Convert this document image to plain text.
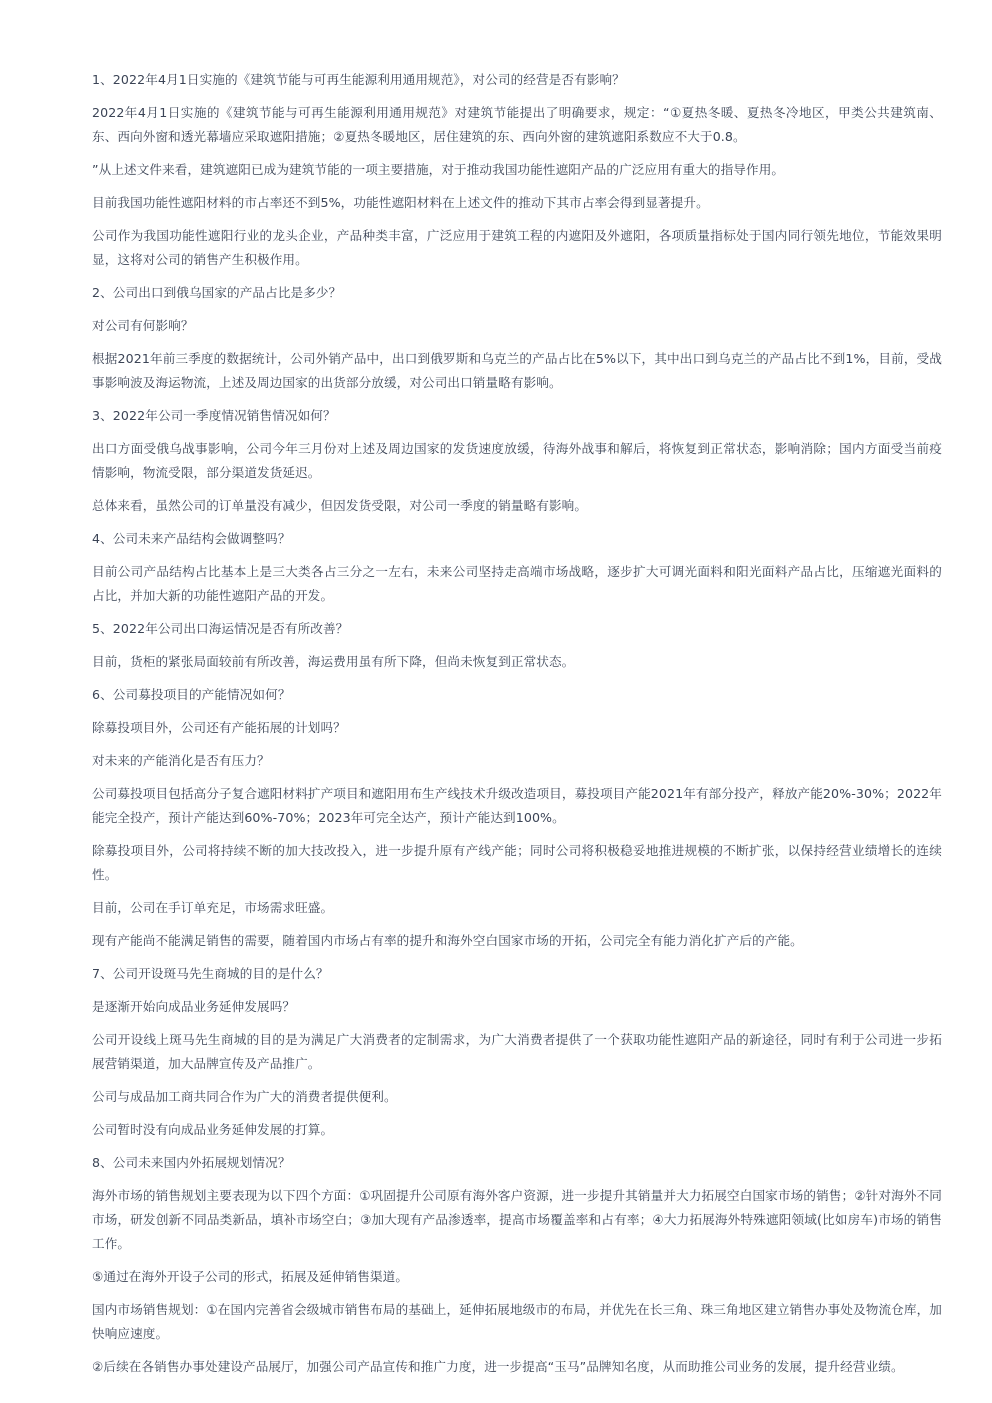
1、2022年4月1日实施的《建筑节能与可再生能源利用通用规范》，对公司的经营是否有影响？

2022年4月1日实施的《建筑节能与可再生能源利用通用规范》对建筑节能提出了明确要求，规定：“①夏热冬暖、夏热冬冷地区，甲类公共建筑南、东、西向外窗和透光幕墙应采取遮阳措施；②夏热冬暖地区，居住建筑的东、西向外窗的建筑遮阳系数应不大于0.8。

”从上述文件来看，建筑遮阳已成为建筑节能的一项主要措施，对于推动我国功能性遮阳产品的广泛应用有重大的指导作用。

目前我国功能性遮阳材料的市占率还不到5%，功能性遮阳材料在上述文件的推动下其市占率会得到显著提升。

公司作为我国功能性遮阳行业的龙头企业，产品种类丰富，广泛应用于建筑工程的内遮阳及外遮阳，各项质量指标处于国内同行领先地位，节能效果明显，这将对公司的销售产生积极作用。

2、公司出口到俄乌国家的产品占比是多少？

对公司有何影响？

根据2021年前三季度的数据统计，公司外销产品中，出口到俄罗斯和乌克兰的产品占比在5%以下，其中出口到乌克兰的产品占比不到1%，目前，受战事影响波及海运物流，上述及周边国家的出货部分放缓，对公司出口销量略有影响。

3、2022年公司一季度情况销售情况如何？

出口方面受俄乌战事影响，公司今年三月份对上述及周边国家的发货速度放缓，待海外战事和解后，将恢复到正常状态，影响消除；国内方面受当前疫情影响，物流受限，部分渠道发货延迟。

总体来看，虽然公司的订单量没有减少，但因发货受限，对公司一季度的销量略有影响。

4、公司未来产品结构会做调整吗？

目前公司产品结构占比基本上是三大类各占三分之一左右，未来公司坚持走高端市场战略，逐步扩大可调光面料和阳光面料产品占比，压缩遮光面料的占比，并加大新的功能性遮阳产品的开发。

5、2022年公司出口海运情况是否有所改善？

目前，货柜的紧张局面较前有所改善，海运费用虽有所下降，但尚未恢复到正常状态。

6、公司募投项目的产能情况如何？

除募投项目外，公司还有产能拓展的计划吗？

对未来的产能消化是否有压力？

公司募投项目包括高分子复合遮阳材料扩产项目和遮阳用布生产线技术升级改造项目，募投项目产能2021年有部分投产，释放产能20%-30%；2022年能完全投产，预计产能达到60%-70%；2023年可完全达产，预计产能达到100%。

除募投项目外，公司将持续不断的加大技改投入，进一步提升原有产线产能；同时公司将积极稳妥地推进规模的不断扩张，以保持经营业绩增长的连续性。

目前，公司在手订单充足，市场需求旺盛。

现有产能尚不能满足销售的需要，随着国内市场占有率的提升和海外空白国家市场的开拓，公司完全有能力消化扩产后的产能。

7、公司开设斑马先生商城的目的是什么？

是逐渐开始向成品业务延伸发展吗？

公司开设线上斑马先生商城的目的是为满足广大消费者的定制需求，为广大消费者提供了一个获取功能性遮阳产品的新途径，同时有利于公司进一步拓展营销渠道，加大品牌宣传及产品推广。

公司与成品加工商共同合作为广大的消费者提供便利。

公司暂时没有向成品业务延伸发展的打算。

8、公司未来国内外拓展规划情况？

海外市场的销售规划主要表现为以下四个方面：①巩固提升公司原有海外客户资源，进一步提升其销量并大力拓展空白国家市场的销售；②针对海外不同市场，研发创新不同品类新品，填补市场空白；③加大现有产品渗透率，提高市场覆盖率和占有率；④大力拓展海外特殊遮阳领域(比如房车)市场的销售工作。

⑤通过在海外开设子公司的形式，拓展及延伸销售渠道。

国内市场销售规划：①在国内完善省会级城市销售布局的基础上，延伸拓展地级市的布局，并优先在长三角、珠三角地区建立销售办事处及物流仓库，加快响应速度。

②后续在各销售办事处建设产品展厅，加强公司产品宣传和推广力度，进一步提高“玉马”品牌知名度，从而助推公司业务的发展，提升经营业绩。
